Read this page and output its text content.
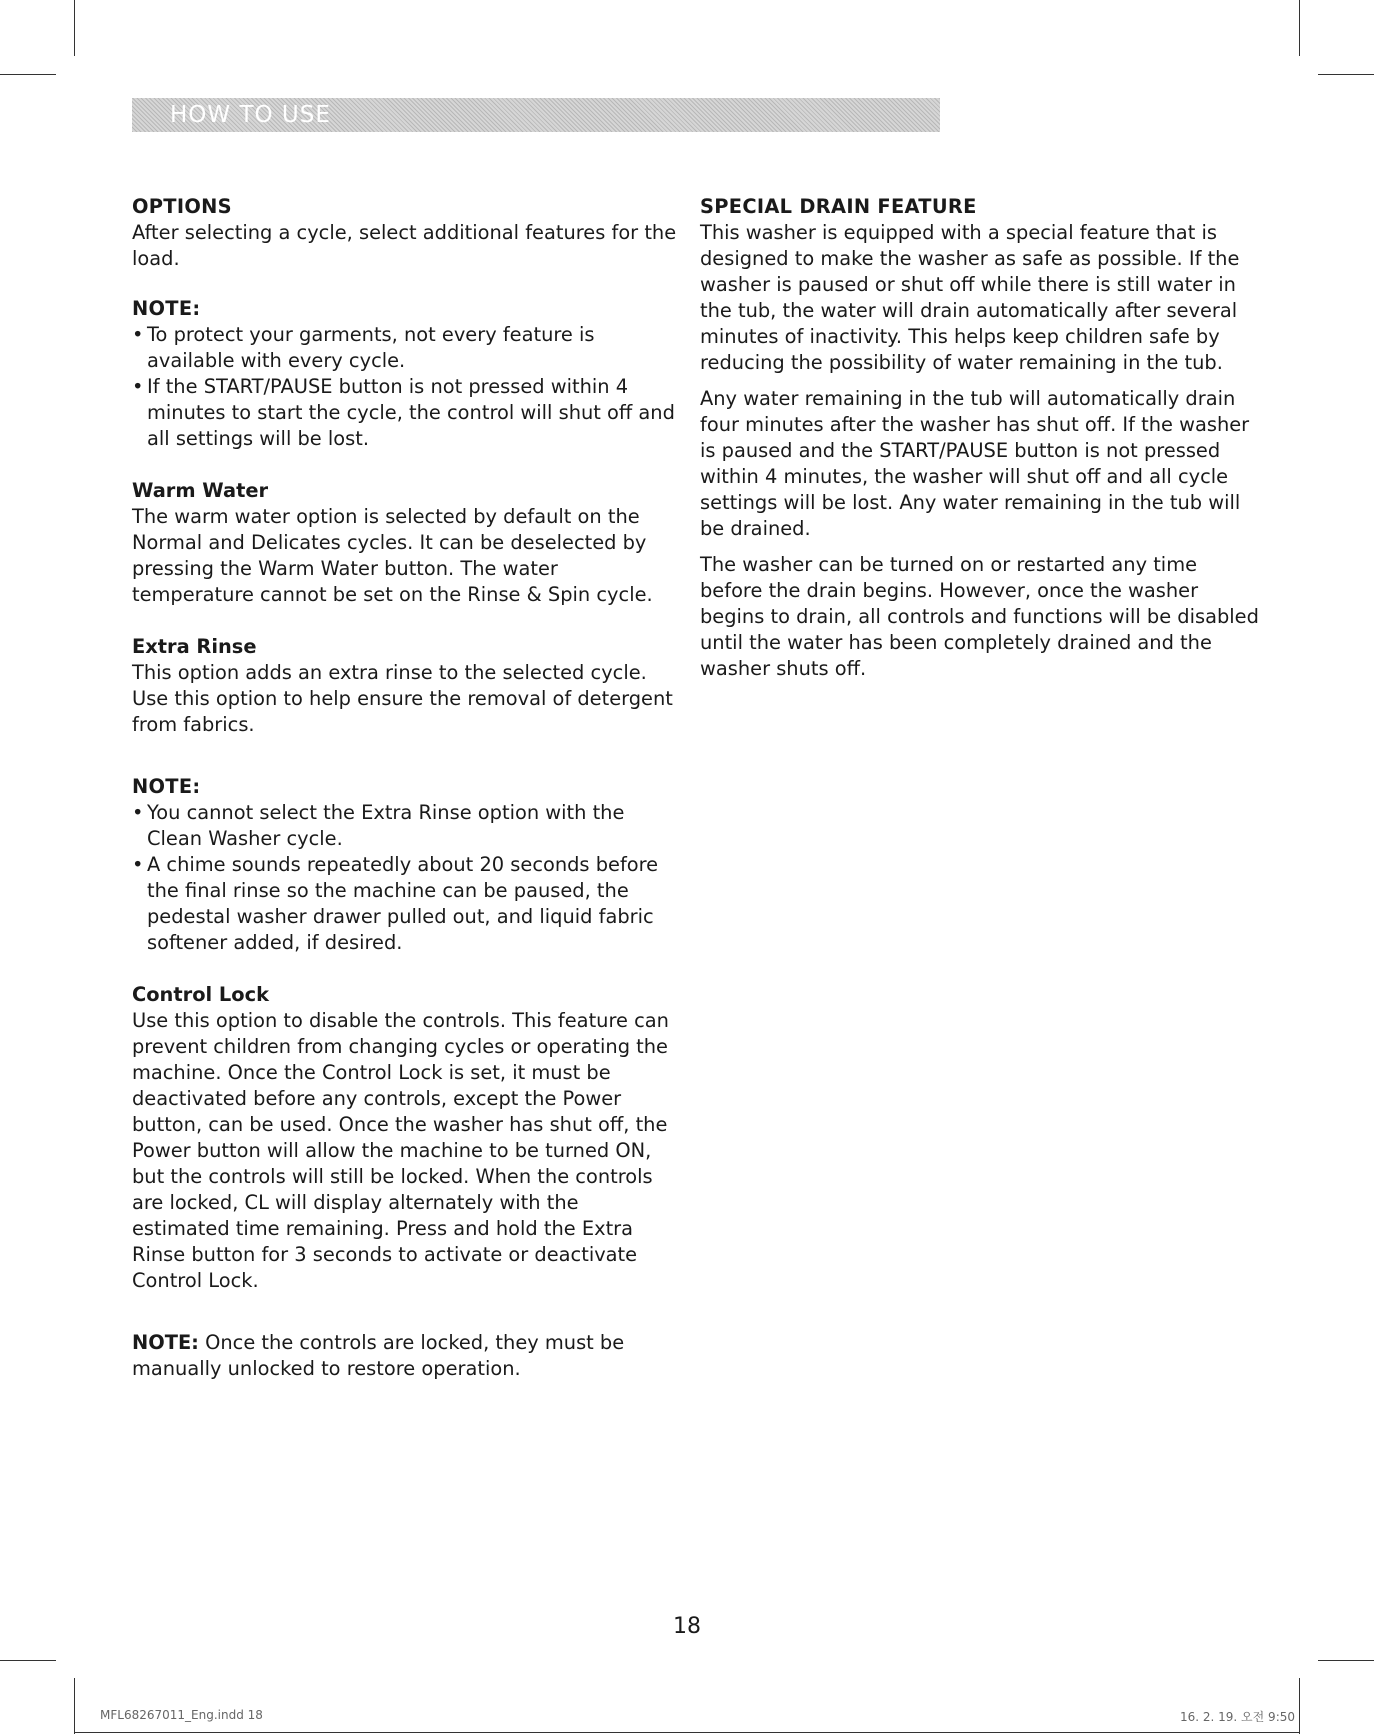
HOW TO USE
OPTIONS

After selecting a cycle, select additional features for the load.

NOTE:
• To protect your garments, not every feature is available with every cycle.
• If the START/PAUSE button is not pressed within 4 minutes to start the cycle, the control will shut off and all settings will be lost.
Warm Water

The warm water option is selected by default on the Normal and Delicates cycles. It can be deselected by pressing the Warm Water button. The water temperature cannot be set on the Rinse & Spin cycle.

Extra Rinse

This option adds an extra rinse to the selected cycle. Use this option to help ensure the removal of detergent from fabrics.

NOTE:
• You cannot select the Extra Rinse option with the Clean Washer cycle.
• A chime sounds repeatedly about 20 seconds before the final rinse so the machine can be paused, the pedestal washer drawer pulled out, and liquid fabric softener added, if desired.
Control Lock

Use this option to disable the controls. This feature can prevent children from changing cycles or operating the machine. Once the Control Lock is set, it must be deactivated before any controls, except the Power button, can be used. Once the washer has shut off, the Power button will allow the machine to be turned ON, but the controls will still be locked. When the controls are locked, CL will display alternately with the estimated time remaining. Press and hold the Extra Rinse button for 3 seconds to activate or deactivate Control Lock.

NOTE: Once the controls are locked, they must be manually unlocked to restore operation.

SPECIAL DRAIN FEATURE

This washer is equipped with a special feature that is designed to make the washer as safe as possible. If the washer is paused or shut off while there is still water in the tub, the water will drain automatically after several minutes of inactivity. This helps keep children safe by reducing the possibility of water remaining in the tub.

Any water remaining in the tub will automatically drain four minutes after the washer has shut off. If the washer is paused and the START/PAUSE button is not pressed within 4 minutes, the washer will shut off and all cycle settings will be lost. Any water remaining in the tub will be drained.

The washer can be turned on or restarted any time before the drain begins. However, once the washer begins to drain, all controls and functions will be disabled until the water has been completely drained and the washer shuts off.

18
MFL68267011_Eng.indd 18	16. 2. 19. 오전 9:50
